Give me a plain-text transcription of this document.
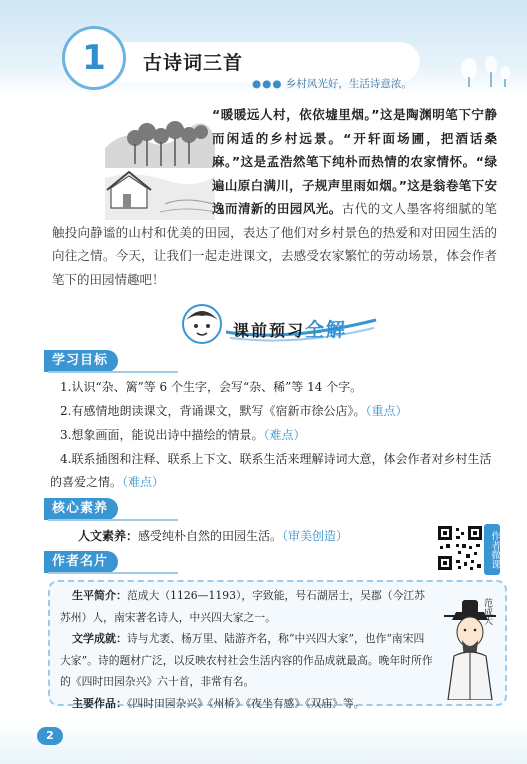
1 古诗词三首
●●● 乡村风光好，生活诗意浓。
“暖暖远人村，依依墟里烟。”这是陶渊明笔下宁静而闲适的乡村远景。“开轩面场圃，把酒话桑麻。”这是孟浩然笔下纯朴而热情的农家情怀。“绿遍山原白满川，子规声里雨如烟。”这是翁卷笔下安逸而清新的田园风光。古代的文人墨客将细腻的笔触投向静谧的山村和优美的田园，表达了他们对乡村景色的热爱和对田园生活的向往之情。今天，让我们一起走进课文，去感受农家繁忙的劳动场景，体会作者笔下的田园情趣吧！
课前预习全解
学习目标
1.认识“杂、篱”等 6 个生字，会写“杂、稀”等 14 个字。
2.有感情地朗读课文，背诵课文，默写《宿新市徐公店》。（重点）
3.想象画面，能说出诗中描绘的情景。（难点）
4.联系插图和注释、联系上下文、联系生活来理解诗词大意，体会作者对乡村生活的喜爱之情。（难点）
核心素养
人文素养：感受纯朴自然的田园生活。（审美创造）	作者微课
作者名片
生平简介：范成大（1126—1193），字致能，号石湖居士，吴郡（今江苏苏州）人，南宋著名诗人，中兴四大家之一。
文学成就：诗与尤袤、杨万里、陆游齐名，称“中兴四大家”，也作“南宋四大家”。诗的题材广泛，以反映农村社会生活内容的作品成就最高。晚年时所作的《四时田园杂兴》六十首，非常有名。
主要作品：《四时田园杂兴》《州桥》《夜坐有感》《双庙》等。
范成大
2
